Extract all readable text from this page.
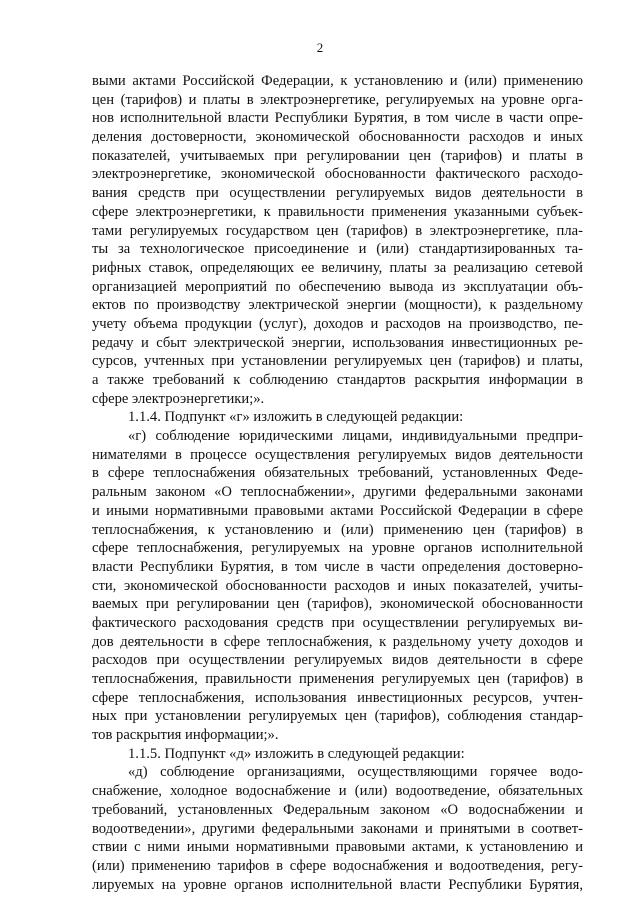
2
выми актами Российской Федерации, к установлению и (или) применению
цен (тарифов) и платы в электроэнергетике, регулируемых на уровне орга-
нов исполнительной власти Республики Бурятия, в том числе в части опре-
деления достоверности, экономической обоснованности расходов и иных
показателей, учитываемых при регулировании цен (тарифов) и платы в
электроэнергетике, экономической обоснованности фактического расходо-
вания средств при осуществлении регулируемых видов деятельности в
сфере электроэнергетики, к правильности применения указанными субъек-
тами регулируемых государством цен (тарифов) в электроэнергетике, пла-
ты за технологическое присоединение и (или) стандартизированных та-
рифных ставок, определяющих ее величину, платы за реализацию сетевой
организацией мероприятий по обеспечению вывода из эксплуатации объ-
ектов по производству электрической энергии (мощности), к раздельному
учету объема продукции (услуг), доходов и расходов на производство, пе-
редачу и сбыт электрической энергии, использования инвестиционных ре-
сурсов, учтенных при установлении регулируемых цен (тарифов) и платы,
а также требований к соблюдению стандартов раскрытия информации в
сфере электроэнергетики;».
1.1.4. Подпункт «г» изложить в следующей редакции:
«г) соблюдение юридическими лицами, индивидуальными предпри-
нимателями в процессе осуществления регулируемых видов деятельности
в сфере теплоснабжения обязательных требований, установленных Феде-
ральным законом «О теплоснабжении», другими федеральными законами
и иными нормативными правовыми актами Российской Федерации в сфере
теплоснабжения, к установлению и (или) применению цен (тарифов) в
сфере теплоснабжения, регулируемых на уровне органов исполнительной
власти Республики Бурятия, в том числе в части определения достоверно-
сти, экономической обоснованности расходов и иных показателей, учиты-
ваемых при регулировании цен (тарифов), экономической обоснованности
фактического расходования средств при осуществлении регулируемых ви-
дов деятельности в сфере теплоснабжения, к раздельному учету доходов и
расходов при осуществлении регулируемых видов деятельности в сфере
теплоснабжения, правильности применения регулируемых цен (тарифов) в
сфере теплоснабжения, использования инвестиционных ресурсов, учтен-
ных при установлении регулируемых цен (тарифов), соблюдения стандар-
тов раскрытия информации;».
1.1.5. Подпункт «д» изложить в следующей редакции:
«д) соблюдение организациями, осуществляющими горячее водо-
снабжение, холодное водоснабжение и (или) водоотведение, обязательных
требований, установленных Федеральным законом «О водоснабжении и
водоотведении», другими федеральными законами и принятыми в соответ-
ствии с ними иными нормативными правовыми актами, к установлению и
(или) применению тарифов в сфере водоснабжения и водоотведения, регу-
лируемых на уровне органов исполнительной власти Республики Бурятия,
